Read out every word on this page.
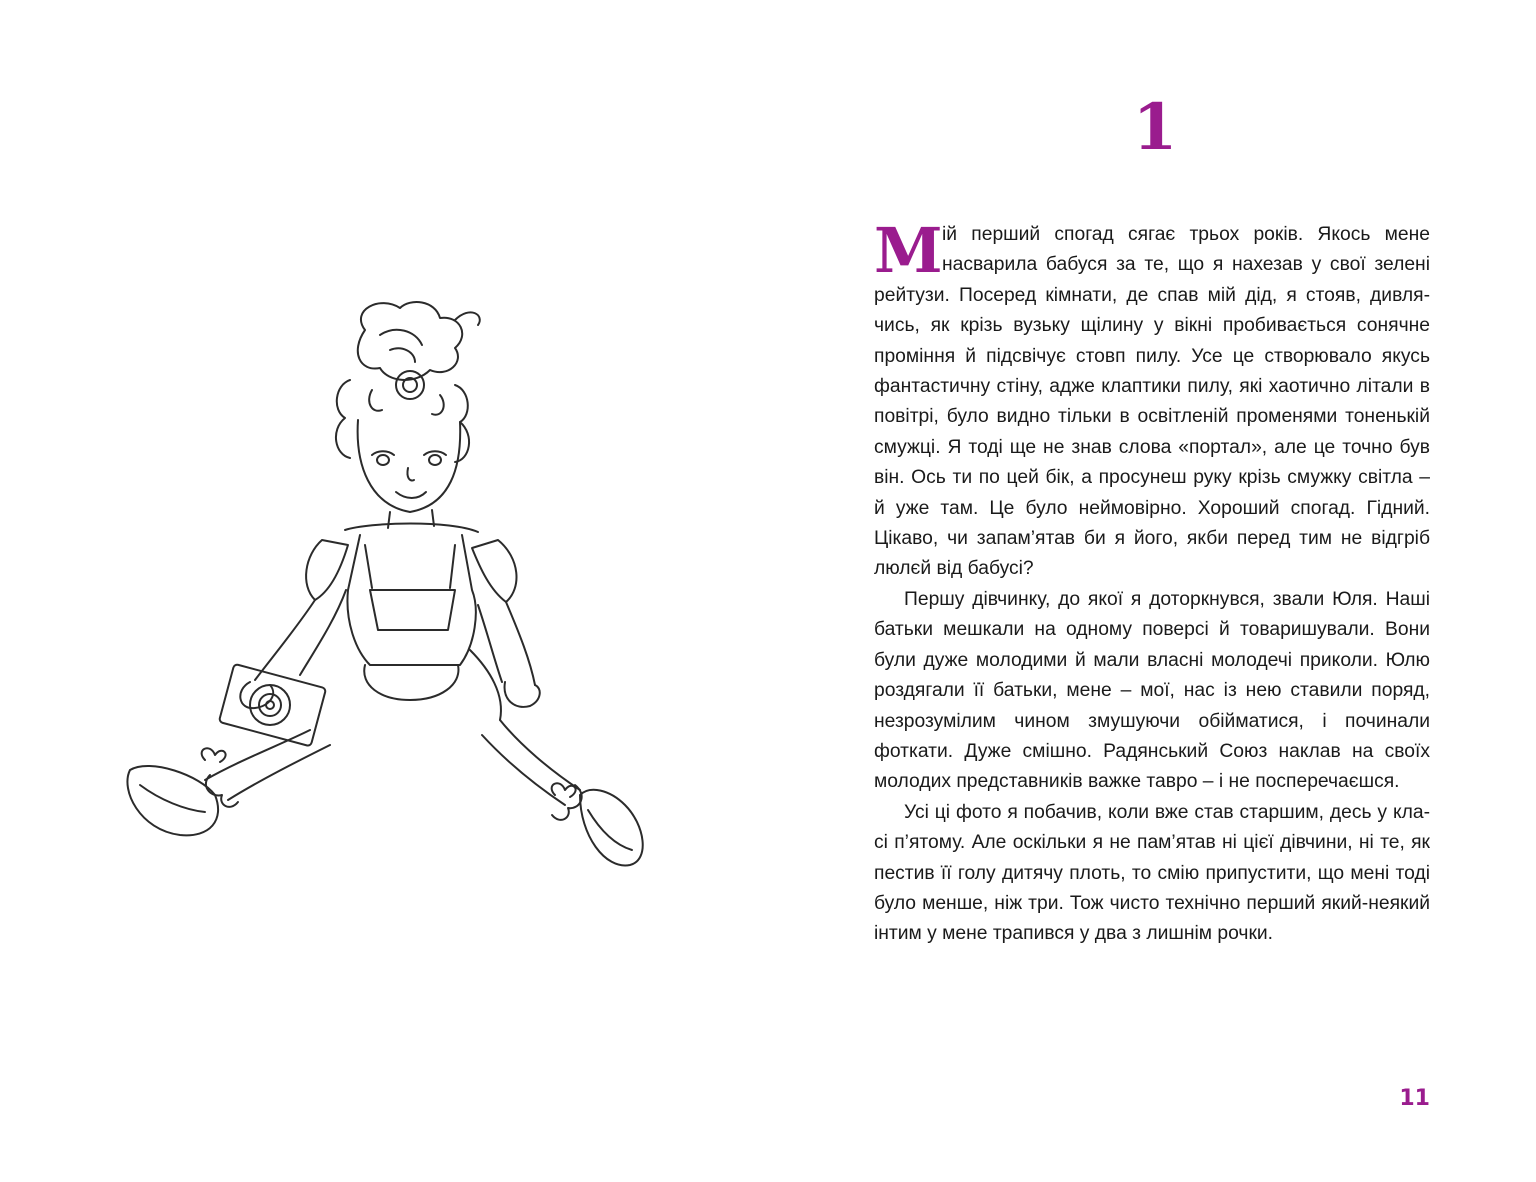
1

Мій перший спогад сягає трьох років. Якось мене насварила бабуся за те, що я нахезав у свої зелені рейтузи. Посеред кімнати, де спав мій дід, я стояв, дивлячись, як крізь вузьку щілину у вікні пробивається сонячне проміння й підсвічує стовп пилу. Усе це створювало якусь фантастичну стіну, адже клаптики пилу, які хаотично літали в повітрі, було видно тільки в освітленій променями тоненькій смужці. Я тоді ще не знав слова «портал», але це точно був він. Ось ти по цей бік, а просунеш руку крізь смужку світла – й уже там. Це було неймовірно. Хороший спогад. Гідний. Цікаво, чи запам’ятав би я його, якби перед тим не відгріб люлєй від бабусі?

Першу дівчинку, до якої я доторкнувся, звали Юля. Наші батьки мешкали на одному поверсі й товаришували. Вони були дуже молодими й мали власні молодечі приколи. Юлю роздягали її батьки, мене – мої, нас із нею ставили поряд, незрозумілим чином змушуючи обійматися, і починали фоткати. Дуже смішно. Радянський Союз наклав на своїх молодих представників важке тавро – і не посперечаєшся.

Усі ці фото я побачив, коли вже став старшим, десь у класі п’ятому. Але оскільки я не пам’ятав ні цієї дівчини, ні те, як пестив її голу дитячу плоть, то смію припустити, що мені тоді було менше, ніж три. Тож чисто технічно перший який-неякий інтим у мене трапився у два з лишнім рочки.

11
